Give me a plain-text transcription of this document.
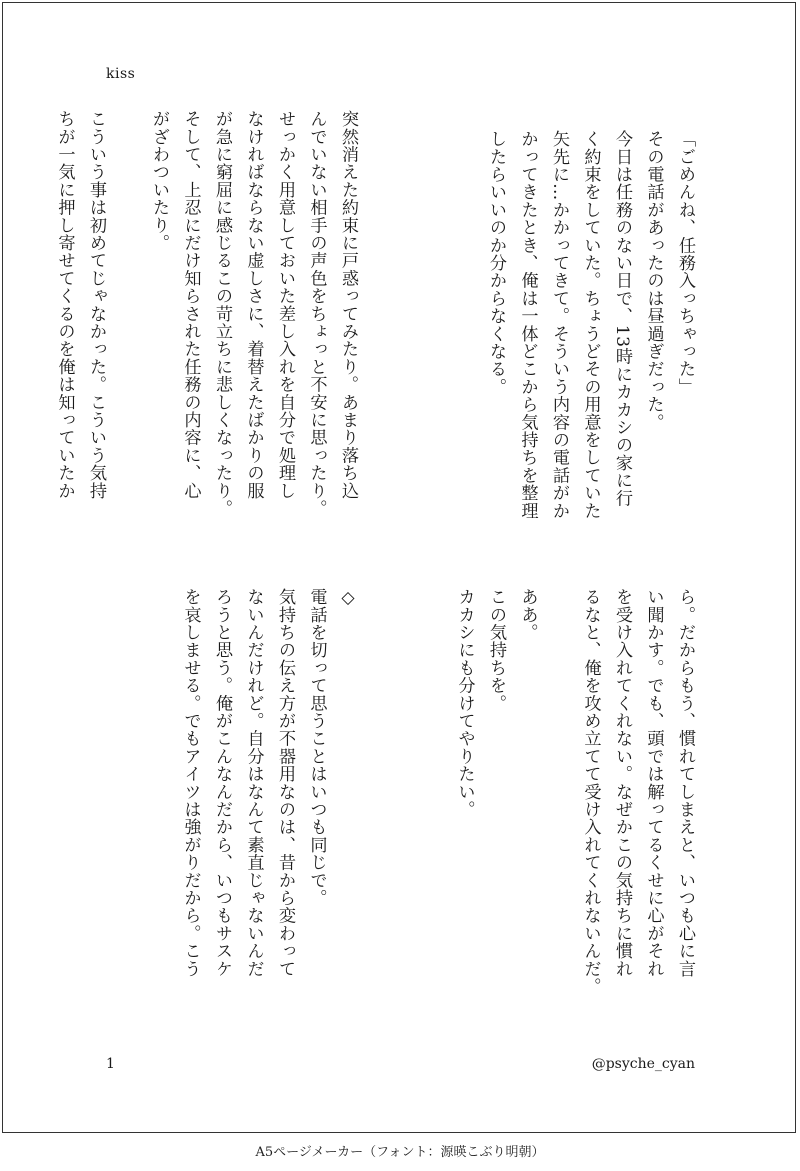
kiss
「ごめんね、任務入っちゃった」
その電話があったのは昼過ぎだった。
今日は任務のない日で、13時にカカシの家に行
く約束をしていた。ちょうどその用意をしていた
矢先に…かかってきて。そういう内容の電話がか
かってきたとき、俺は一体どこから気持ちを整理
したらいいのか分からなくなる。
突然消えた約束に戸惑ってみたり。あまり落ち込
んでいない相手の声色をちょっと不安に思ったり。
せっかく用意しておいた差し入れを自分で処理し
なければならない虚しさに、着替えたばかりの服
が急に窮屈に感じるこの苛立ちに悲しくなったり。
そして、上忍にだけ知らされた任務の内容に、心
がざわついたり。

こういう事は初めてじゃなかった。こういう気持
ちが一気に押し寄せてくるのを俺は知っていたか
ら。だからもう、慣れてしまえと、いつも心に言
い聞かす。でも、頭では解ってるくせに心がそれ
を受け入れてくれない。なぜかこの気持ちに慣れ
るなと、俺を攻め立てて受け入れてくれないんだ。

ああ。
この気持ちを。
カカシにも分けてやりたい。
◇
電話を切って思うことはいつも同じで。
気持ちの伝え方が不器用なのは、昔から変わって
ないんだけれど。自分はなんて素直じゃないんだ
ろうと思う。俺がこんなんだから、いつもサスケ
を哀しませる。でもアイツは強がりだから。こう
1	@psyche_cyan
A5ページメーカー（フォント：源暎こぶり明朝）
